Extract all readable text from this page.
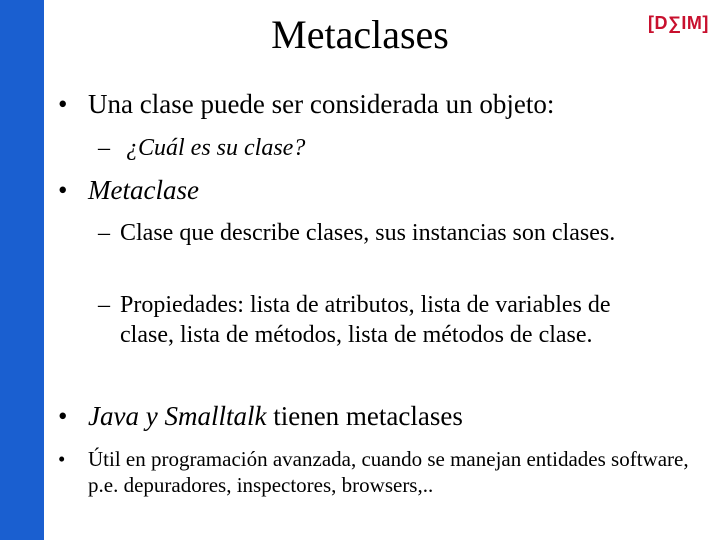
Metaclases	[D∑IM]
• Una clase puede ser considerada un objeto:
– ¿Cuál es su clase?
• Metaclase
– Clase que describe clases, sus instancias son clases.
– Propiedades: lista de atributos, lista de variables de clase, lista de métodos, lista de métodos de clase.
• Java y Smalltalk tienen metaclases
• Útil en programación avanzada, cuando se manejan entidades software, p.e. depuradores, inspectores, browsers,..
